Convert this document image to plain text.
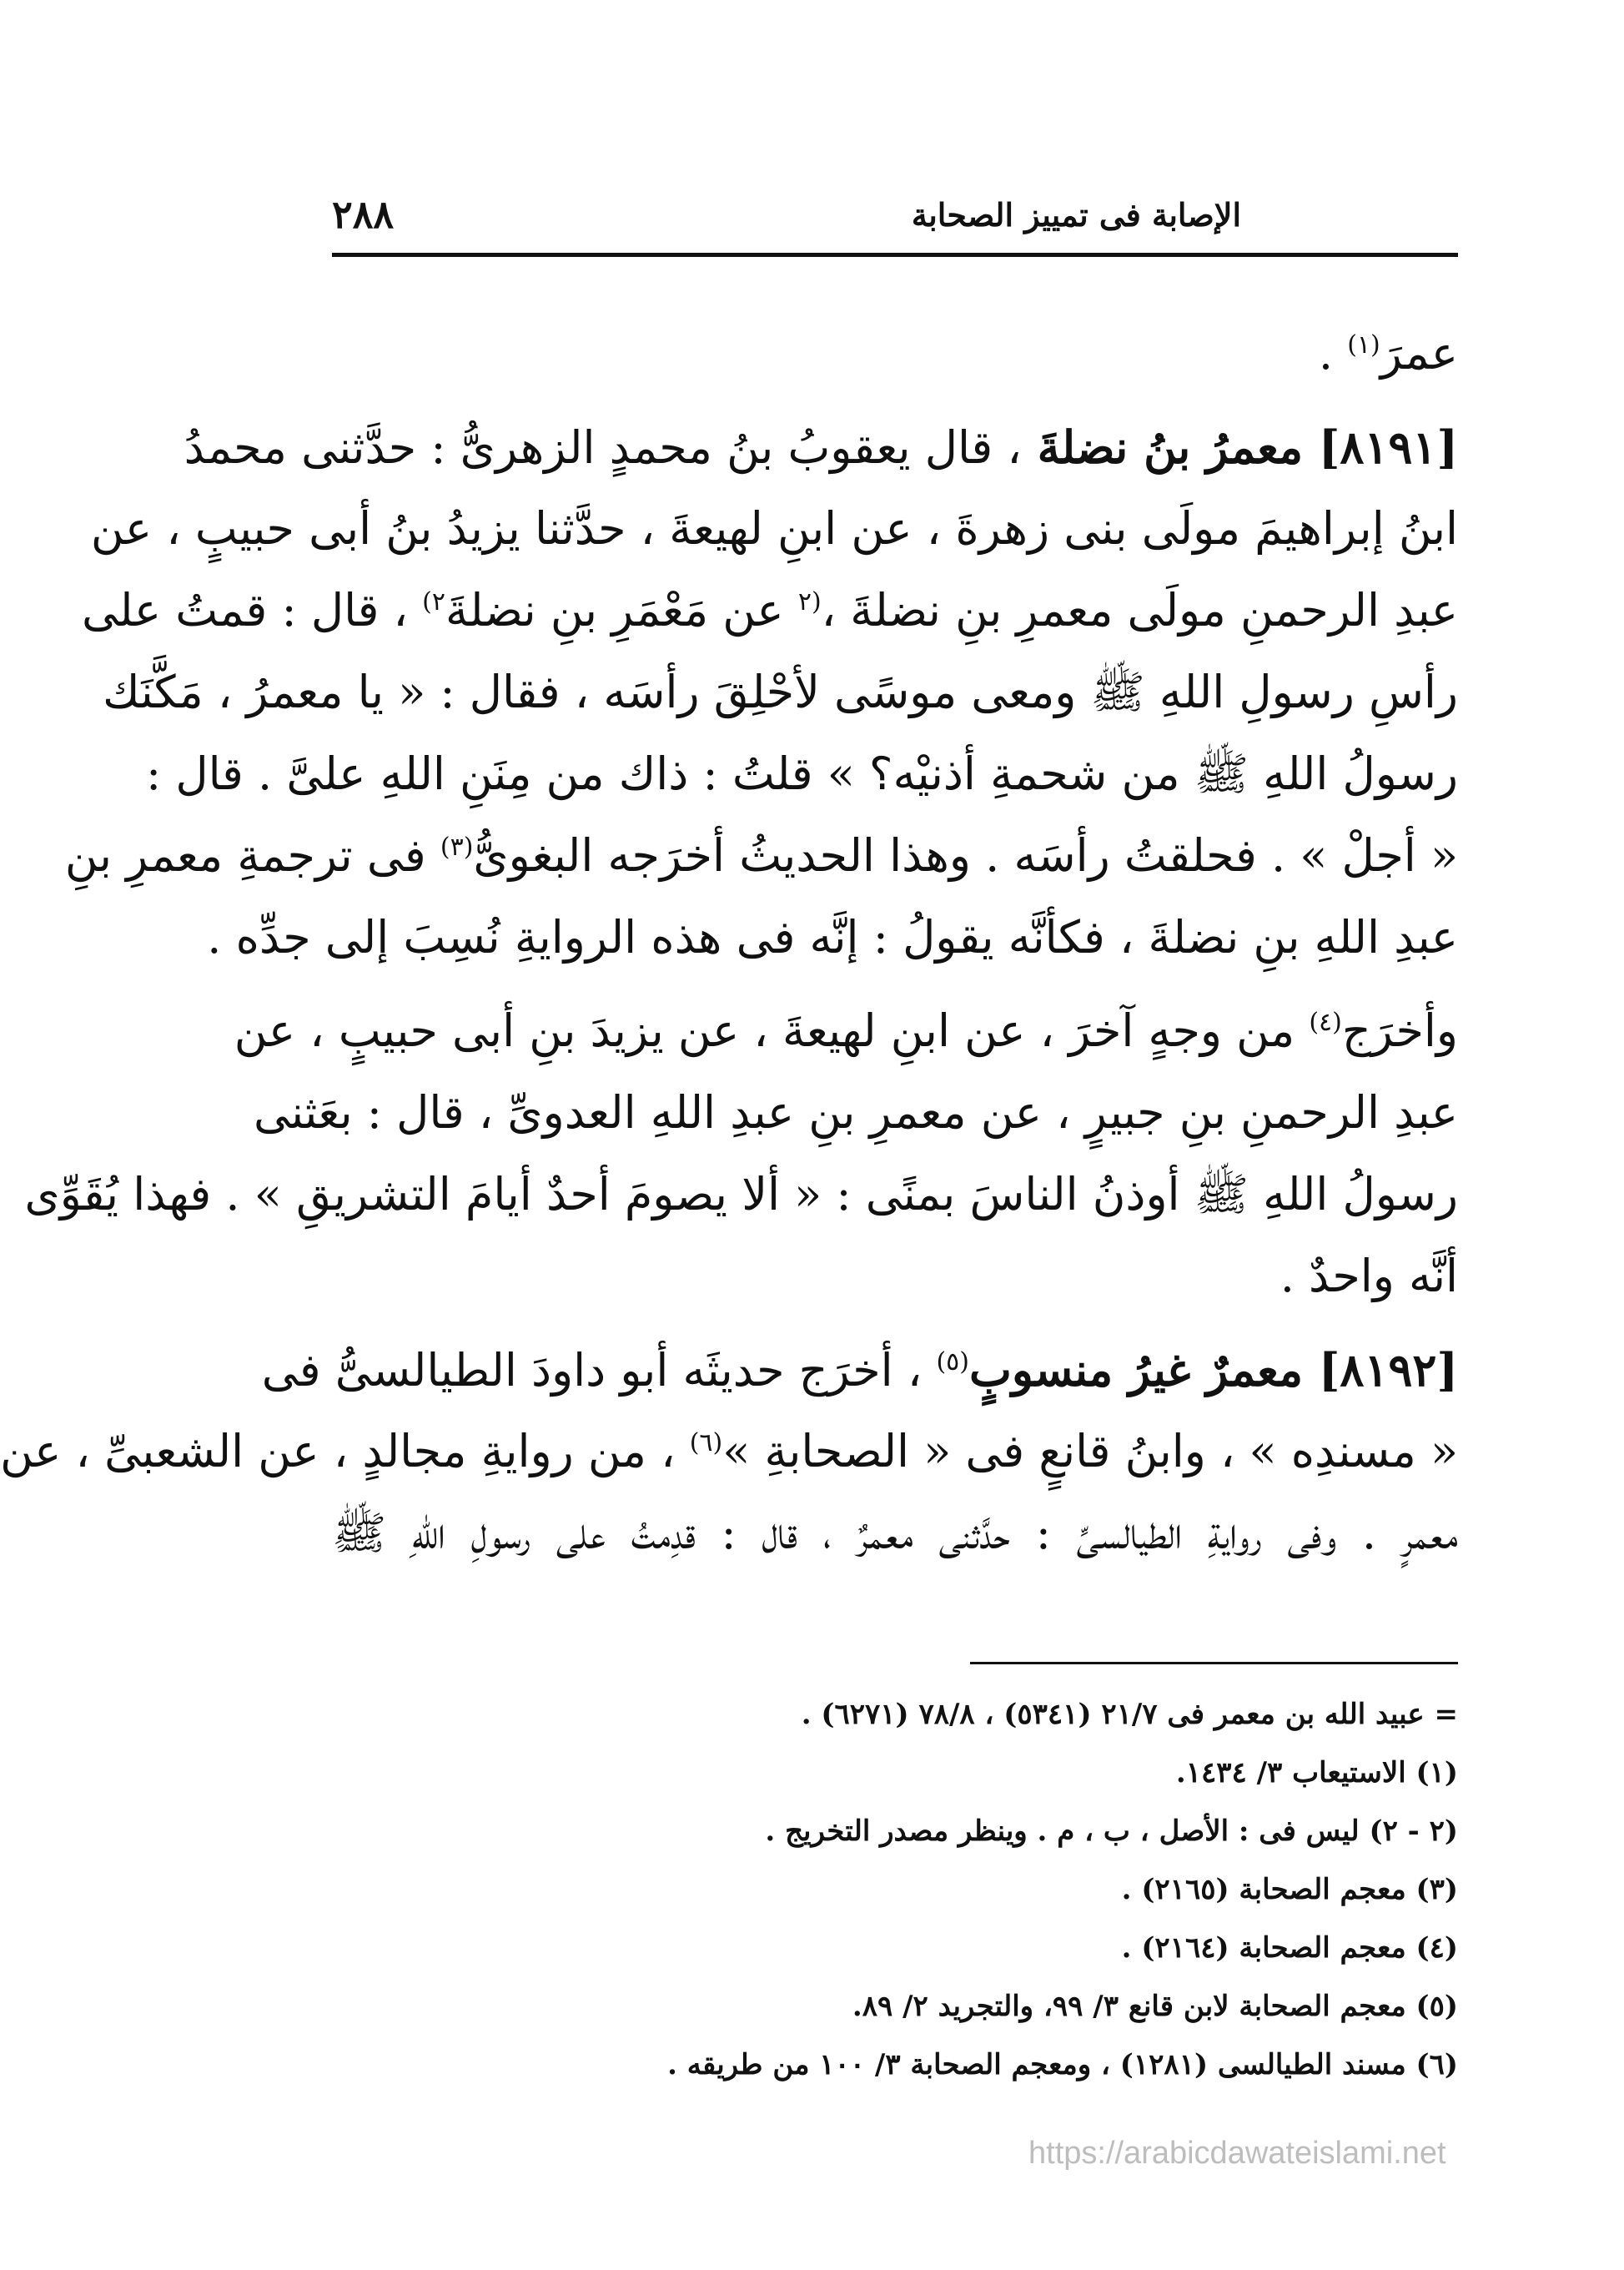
الإصابة فى تمييز الصحابة
٢٨٨
عمرَ$^{(١)}$ .
[٨١٩١] معمرُ بنُ نضلةَ ، قال يعقوبُ بنُ محمدٍ الزهرىُّ : حدَّثنى محمدُ
ابنُ إبراهيمَ مولَى بنى زهرةَ ، عن ابنِ لهيعةَ ، حدَّثنا يزيدُ بنُ أبى حبيبٍ ، عن
عبدِ الرحمنِ مولَى معمرِ بنِ نضلةَ ،$^{(٢}$ عن مَعْمَرِ بنِ نضلةَ$^{٢)}$ ، قال : قمتُ على
رأسِ رسولِ اللهِ ﷺ ومعى موسًى لأحْلِقَ رأسَه ، فقال : « يا معمرُ ، مَكَّنَك
رسولُ اللهِ ﷺ من شحمةِ أذنيْه؟ » قلتُ : ذاك من مِنَنِ اللهِ علىَّ . قال :
« أجلْ » . فحلقتُ رأسَه . وهذا الحديثُ أخرَجه البغوىُّ$^{(٣)}$ فى ترجمةِ معمرِ بنِ
عبدِ اللهِ بنِ نضلةَ ، فكأنَّه يقولُ : إنَّه فى هذه الروايةِ نُسِبَ إلى جدِّه .
وأخرَج$^{(٤)}$ من وجهٍ آخرَ ، عن ابنِ لهيعةَ ، عن يزيدَ بنِ أبى حبيبٍ ، عن
عبدِ الرحمنِ بنِ جبيرٍ ، عن معمرِ بنِ عبدِ اللهِ العدوىِّ ، قال : بعَثنى
رسولُ اللهِ ﷺ أوذنُ الناسَ بمنًى : « ألا يصومَ أحدٌ أيامَ التشريقِ » . فهذا يُقَوِّى
أنَّه واحدٌ .
[٨١٩٢] معمرٌ غيرُ منسوبٍ$^{(٥)}$ ، أخرَج حديثَه أبو داودَ الطيالسىُّ فى
« مسندِه » ، وابنُ قانعٍ فى « الصحابةِ »$^{(٦)}$ ، من روايةِ مجالدٍ ، عن الشعبىِّ ، عن
معمرٍ . وفى روايةِ الطيالسىِّ : حدَّثنى معمرٌ ، قال : قدِمتُ على رسولِ اللهِ ﷺ
= عبيد الله بن معمر فى ٢١/٧ (٥٣٤١) ، ٧٨/٨ (٦٢٧١) .
(١) الاستيعاب ٣/ ١٤٣٤.
(٢ - ٢) ليس فى : الأصل ، ب ، م . وينظر مصدر التخريج .
(٣) معجم الصحابة (٢١٦٥) .
(٤) معجم الصحابة (٢١٦٤) .
(٥) معجم الصحابة لابن قانع ٣/ ٩٩، والتجريد ٢/ ٨٩.
(٦) مسند الطيالسى (١٢٨١) ، ومعجم الصحابة ٣/ ١٠٠ من طريقه .
https://arabicdawateislami.net
